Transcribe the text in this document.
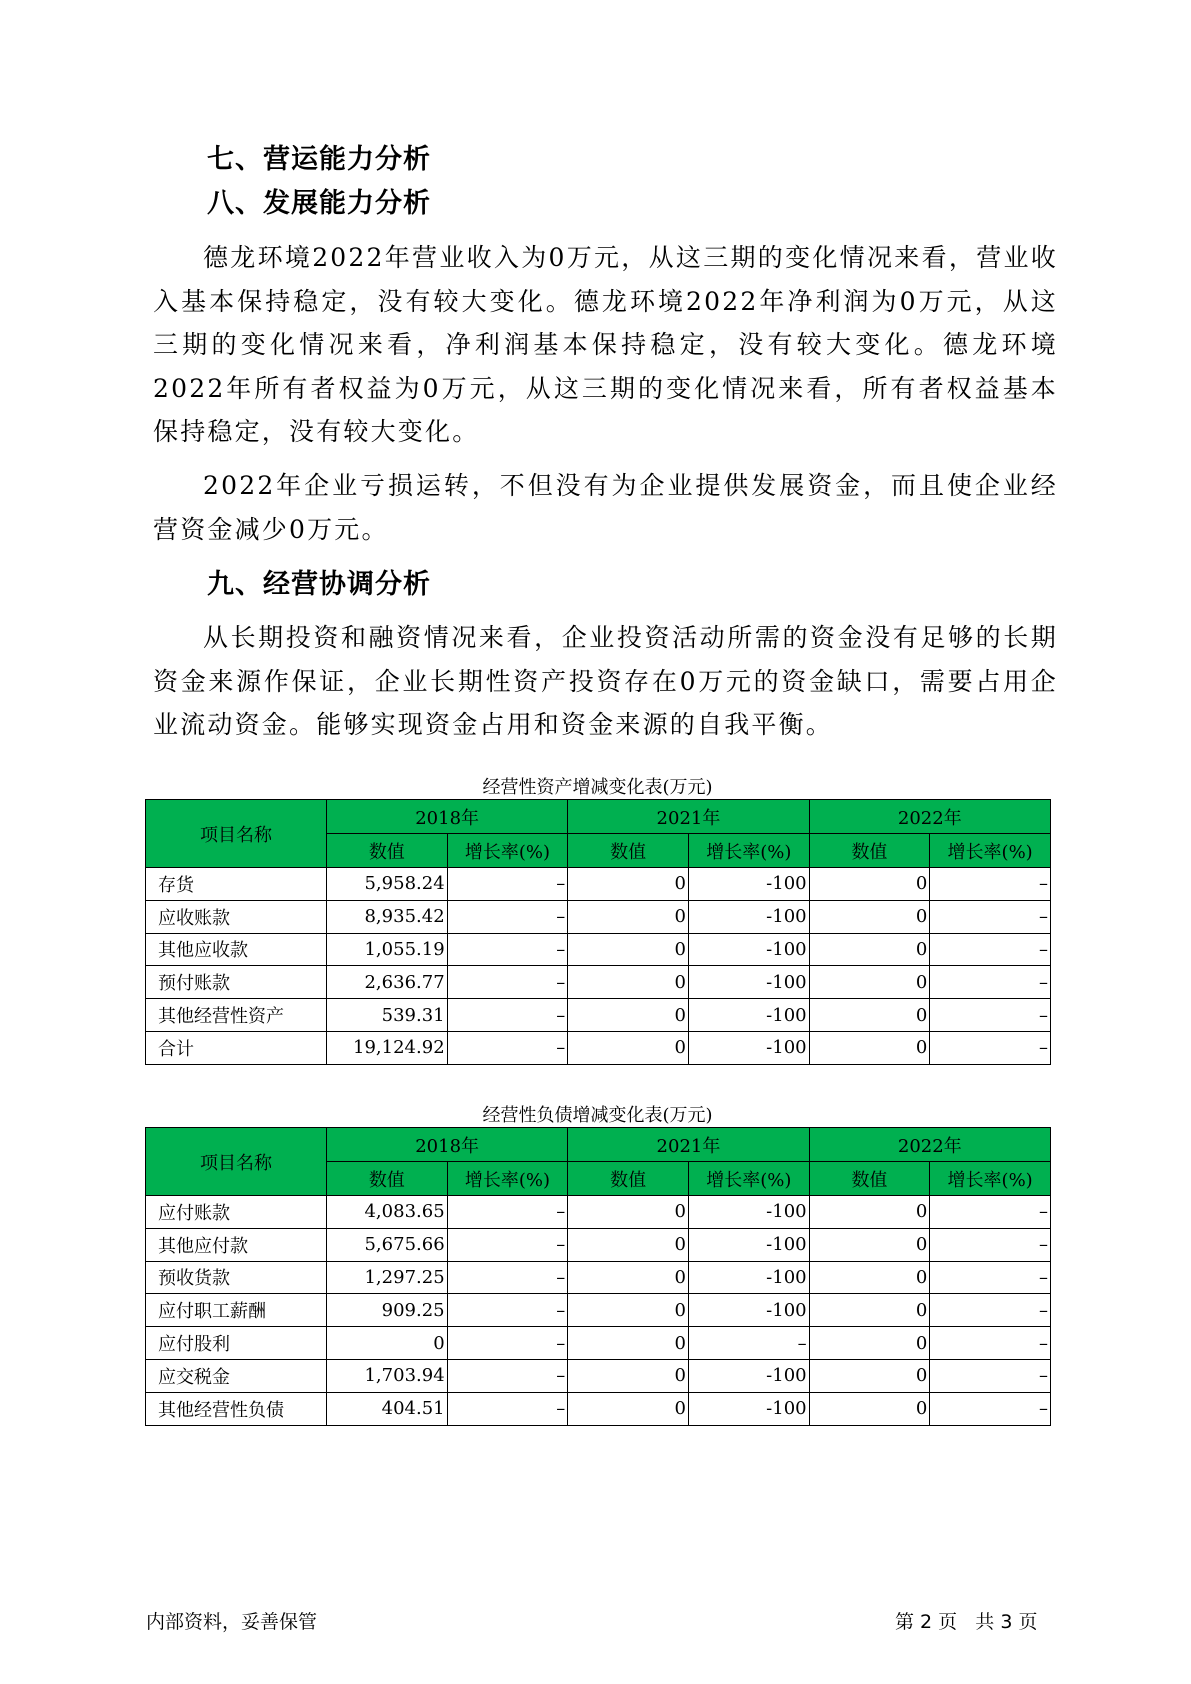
七、营运能力分析
八、发展能力分析

德龙环境2022年营业收入为0万元，从这三期的变化情况来看，营业收入基本保持稳定，没有较大变化。德龙环境2022年净利润为0万元，从这三期的变化情况来看，净利润基本保持稳定，没有较大变化。德龙环境2022年所有者权益为0万元，从这三期的变化情况来看，所有者权益基本保持稳定，没有较大变化。

2022年企业亏损运转，不但没有为企业提供发展资金，而且使企业经营资金减少0万元。

九、经营协调分析

从长期投资和融资情况来看，企业投资活动所需的资金没有足够的长期资金来源作保证，企业长期性资产投资存在0万元的资金缺口，需要占用企业流动资金。能够实现资金占用和资金来源的自我平衡。

经营性资产增减变化表(万元)
项目名称	2018年		2021年		2022年	
	数值	增长率(%)	数值	增长率(%)	数值	增长率(%)
存货	5,958.24	–	0	-100	0	–
应收账款	8,935.42	–	0	-100	0	–
其他应收款	1,055.19	–	0	-100	0	–
预付账款	2,636.77	–	0	-100	0	–
其他经营性资产	539.31	–	0	-100	0	–
合计	19,124.92	–	0	-100	0	–
经营性负债增减变化表(万元)
项目名称	2018年		2021年		2022年	
	数值	增长率(%)	数值	增长率(%)	数值	增长率(%)
应付账款	4,083.65	–	0	-100	0	–
其他应付款	5,675.66	–	0	-100	0	–
预收货款	1,297.25	–	0	-100	0	–
应付职工薪酬	909.25	–	0	-100	0	–
应付股利	0	–	0	–	0	–
应交税金	1,703.94	–	0	-100	0	–
其他经营性负债	404.51	–	0	-100	0	–
内部资料，妥善保管	第 2 页   共 3 页
